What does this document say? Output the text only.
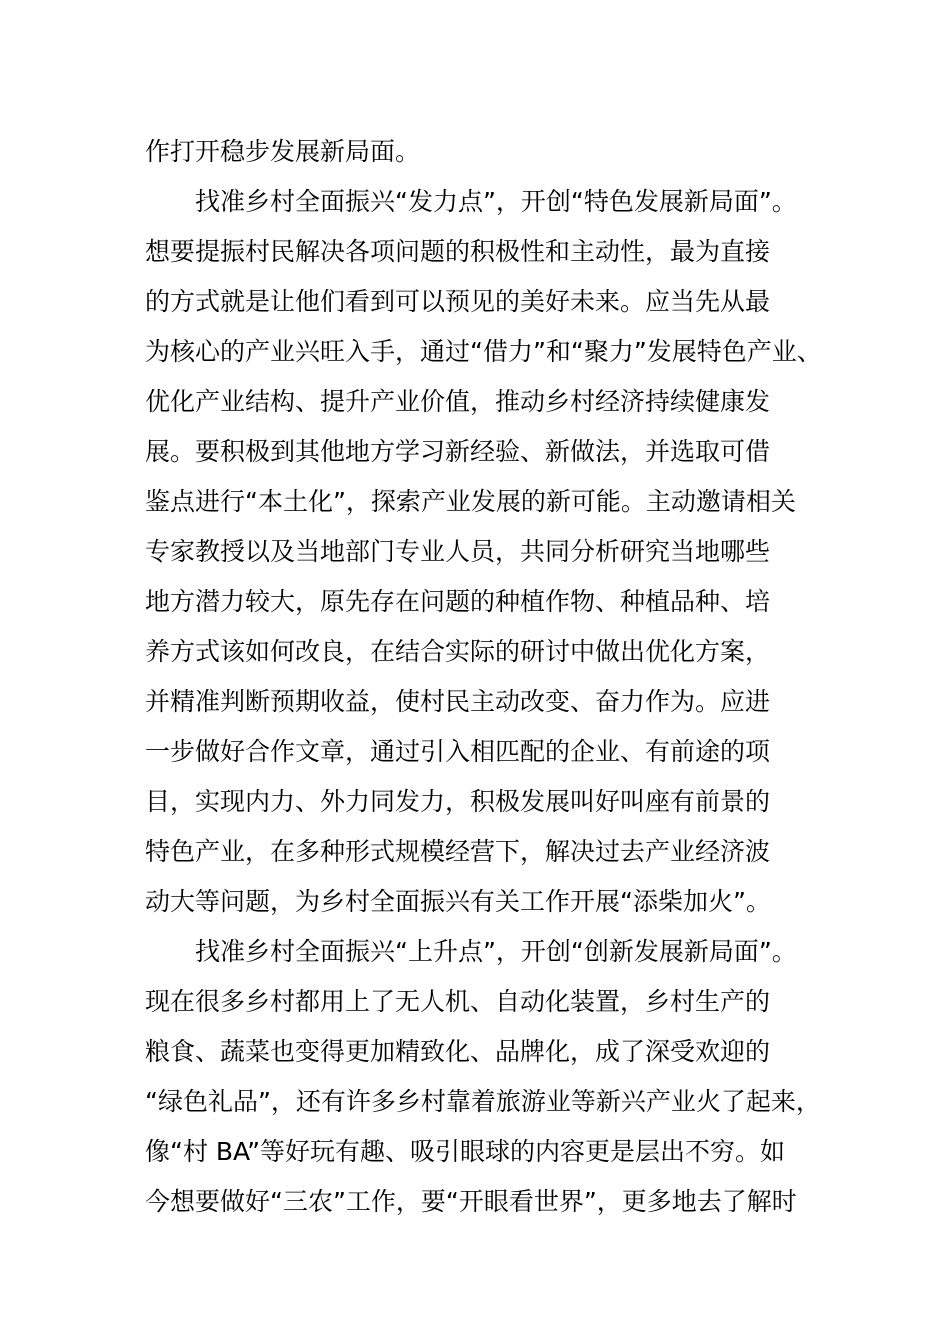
作打开稳步发展新局面。
找准乡村全面振兴“发力点”，开创“特色发展新局面”。
想要提振村民解决各项问题的积极性和主动性，最为直接
的方式就是让他们看到可以预见的美好未来。应当先从最
为核心的产业兴旺入手，通过“借力”和“聚力”发展特色产业、
优化产业结构、提升产业价值，推动乡村经济持续健康发
展。要积极到其他地方学习新经验、新做法，并选取可借
鉴点进行“本土化”，探索产业发展的新可能。主动邀请相关
专家教授以及当地部门专业人员，共同分析研究当地哪些
地方潜力较大，原先存在问题的种植作物、种植品种、培
养方式该如何改良，在结合实际的研讨中做出优化方案，
并精准判断预期收益，使村民主动改变、奋力作为。应进
一步做好合作文章，通过引入相匹配的企业、有前途的项
目，实现内力、外力同发力，积极发展叫好叫座有前景的
特色产业，在多种形式规模经营下，解决过去产业经济波
动大等问题，为乡村全面振兴有关工作开展“添柴加火”。
找准乡村全面振兴“上升点”，开创“创新发展新局面”。
现在很多乡村都用上了无人机、自动化装置，乡村生产的
粮食、蔬菜也变得更加精致化、品牌化，成了深受欢迎的
“绿色礼品”，还有许多乡村靠着旅游业等新兴产业火了起来，
像“村 BA”等好玩有趣、吸引眼球的内容更是层出不穷。如
今想要做好“三农”工作，要“开眼看世界”，更多地去了解时
